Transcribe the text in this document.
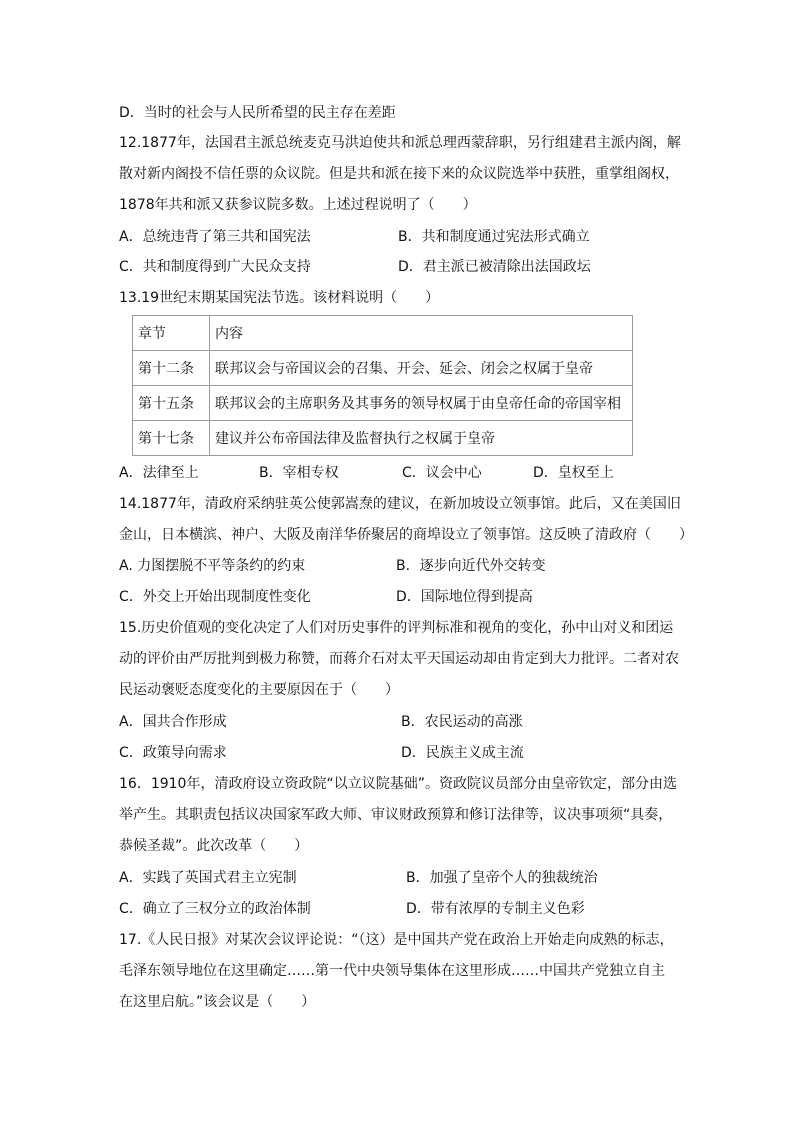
D．当时的社会与人民所希望的民主存在差距
12.1877年，法国君主派总统麦克马洪迫使共和派总理西蒙辞职，另行组建君主派内阁，解
散对新内阁投不信任票的众议院。但是共和派在接下来的众议院选举中获胜，重掌组阁权，
1878年共和派又获参议院多数。上述过程说明了（　　）
A．总统违背了第三共和国宪法	B．共和制度通过宪法形式确立
C．共和制度得到广大民众支持	D．君主派已被清除出法国政坛
13.19世纪末期某国宪法节选。该材料说明（　　）
章节	内容
第十二条	联邦议会与帝国议会的召集、开会、延会、闭会之权属于皇帝
第十五条	联邦议会的主席职务及其事务的领导权属于由皇帝任命的帝国宰相
第十七条	建议并公布帝国法律及监督执行之权属于皇帝
A．法律至上	B．宰相专权	C．议会中心	D．皇权至上
14.1877年，清政府采纳驻英公使郭嵩焘的建议，在新加坡设立领事馆。此后，又在美国旧
金山，日本横滨、神户、大阪及南洋华侨聚居的商埠设立了领事馆。这反映了清政府（　　）
A. 力图摆脱不平等条约的约束	B．逐步向近代外交转变
C．外交上开始出现制度性变化	D．国际地位得到提高
15.历史价值观的变化决定了人们对历史事件的评判标准和视角的变化，孙中山对义和团运
动的评价由严厉批判到极力称赞，而蒋介石对太平天国运动却由肯定到大力批评。二者对农
民运动褒贬态度变化的主要原因在于（　　）
A．国共合作形成	B．农民运动的高涨
C．政策导向需求	D．民族主义成主流
16．1910年，清政府设立资政院“以立议院基础”。资政院议员部分由皇帝钦定，部分由选
举产生。其职责包括议决国家军政大师、审议财政预算和修订法律等，议决事项须“具奏，
恭候圣裁”。此次改革（　　）
A．实践了英国式君主立宪制	B．加强了皇帝个人的独裁统治
C．确立了三权分立的政治体制	D．带有浓厚的专制主义色彩
17.《人民日报》对某次会议评论说：“（这）是中国共产党在政治上开始走向成熟的标志，
毛泽东领导地位在这里确定……第一代中央领导集体在这里形成……中国共产党独立自主
在这里启航。”该会议是（　　）
